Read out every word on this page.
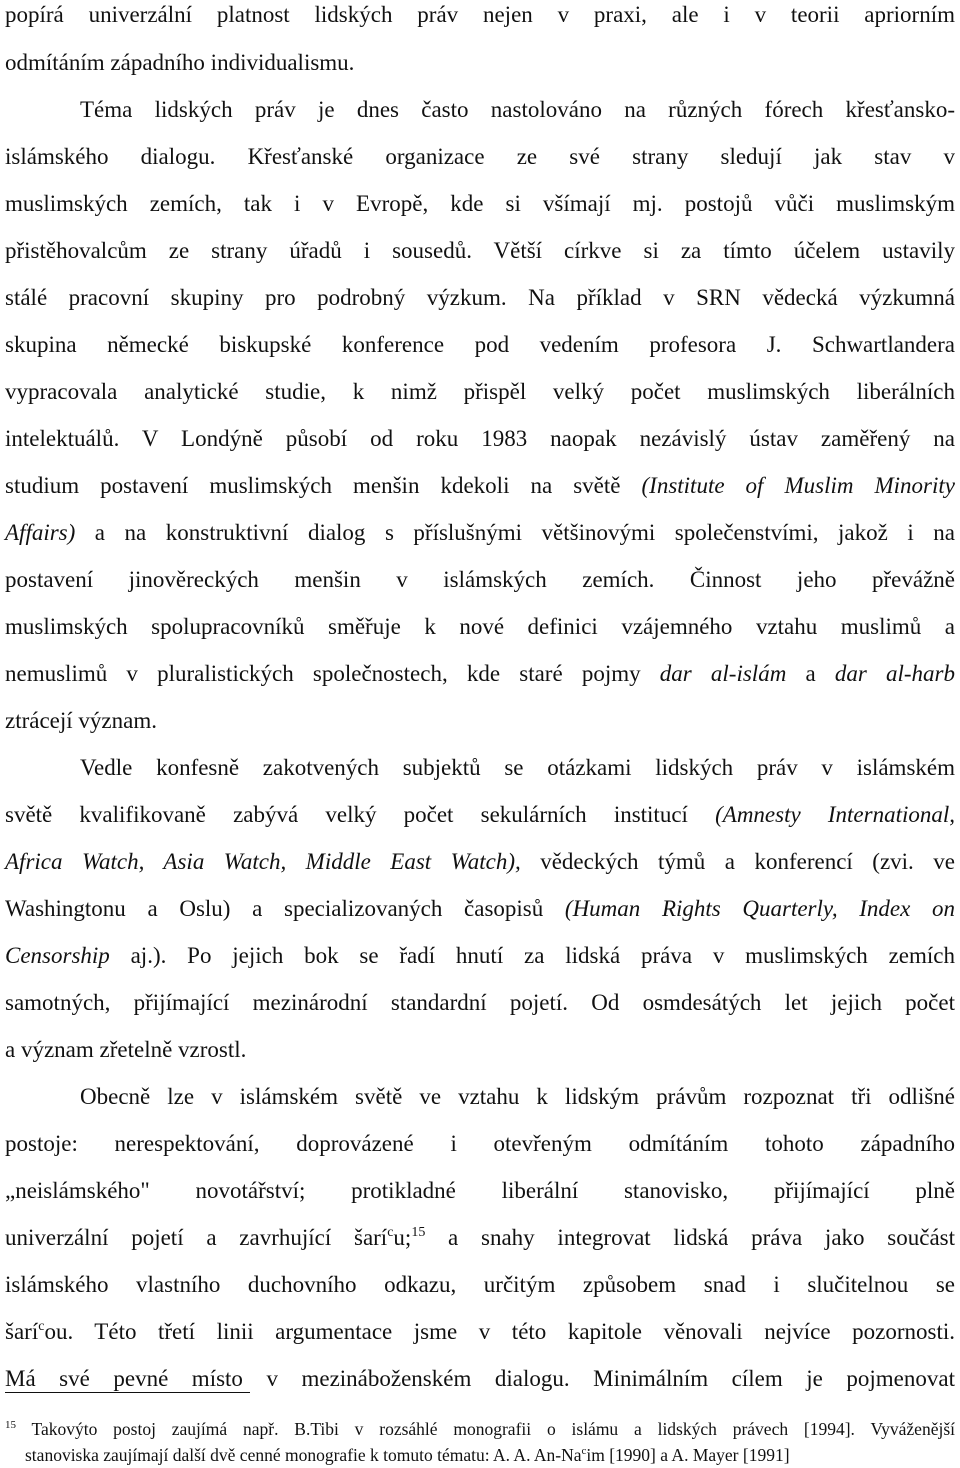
popírá univerzální platnost lidských práv nejen v praxi, ale i v teorii apriorním
odmítáním západního individualismu.
Téma lidských práv je dnes často nastolováno na různých fórech křesťansko-
islámského dialogu. Křesťanské organizace ze své strany sledují jak stav v
muslimských zemích, tak i v Evropě, kde si všímají mj. postojů vůči muslimským
přistěhovalcům ze strany úřadů i sousedů. Větší církve si za tímto účelem ustavily
stálé pracovní skupiny pro podrobný výzkum. Na příklad v SRN vědecká výzkumná
skupina německé biskupské konference pod vedením profesora J. Schwartlandera
vypracovala analytické studie, k nimž přispěl velký počet muslimských liberálních
intelektuálů. V Londýně působí od roku 1983 naopak nezávislý ústav zaměřený na
studium postavení muslimských menšin kdekoli na světě (Institute of Muslim Minority
Affairs) a na konstruktivní dialog s příslušnými většinovými společenstvími, jakož i na
postavení jinověreckých menšin v islámských zemích. Činnost jeho převážně
muslimských spolupracovníků směřuje k nové definici vzájemného vztahu muslimů a
nemuslimů v pluralistických společnostech, kde staré pojmy dar al-islám a dar al-harb
ztrácejí význam.
Vedle konfesně zakotvených subjektů se otázkami lidských práv v islámském
světě kvalifikovaně zabývá velký počet sekulárních institucí (Amnesty International,
Africa Watch, Asia Watch, Middle East Watch), vědeckých týmů a konferencí (zvi. ve
Washingtonu a Oslu) a specializovaných časopisů (Human Rights Quarterly, Index on
Censorship aj.). Po jejich bok se řadí hnutí za lidská práva v muslimských zemích
samotných, přijímající mezinárodní standardní pojetí. Od osmdesátých let jejich počet
a význam zřetelně vzrostl.
Obecně lze v islámském světě ve vztahu k lidským právům rozpoznat tři odlišné
postoje: nerespektování, doprovázené i otevřeným odmítáním tohoto západního
„neislámského" novotářství; protikladné liberální stanovisko, přijímající plně
univerzální pojetí a zavrhující šarí$^c$u;$^{15}$ a snahy integrovat lidská práva jako součást
islámského vlastního duchovního odkazu, určitým způsobem snad i slučitelnou se
šarí$^c$ou. Této třetí linii argumentace jsme v této kapitole věnovali nejvíce pozornosti.
Má své pevné místo v mezináboženském dialogu. Minimálním cílem je pojmenovat
$^{15}$ Takovýto postoj zaujímá např. B.Tibi v rozsáhlé monografii o islámu a lidských právech [1994]. Vyváženější
stanoviska zaujímají další dvě cenné monografie k tomuto tématu: A. A. An-Na$^c$im [1990] a A. Mayer [1991]
